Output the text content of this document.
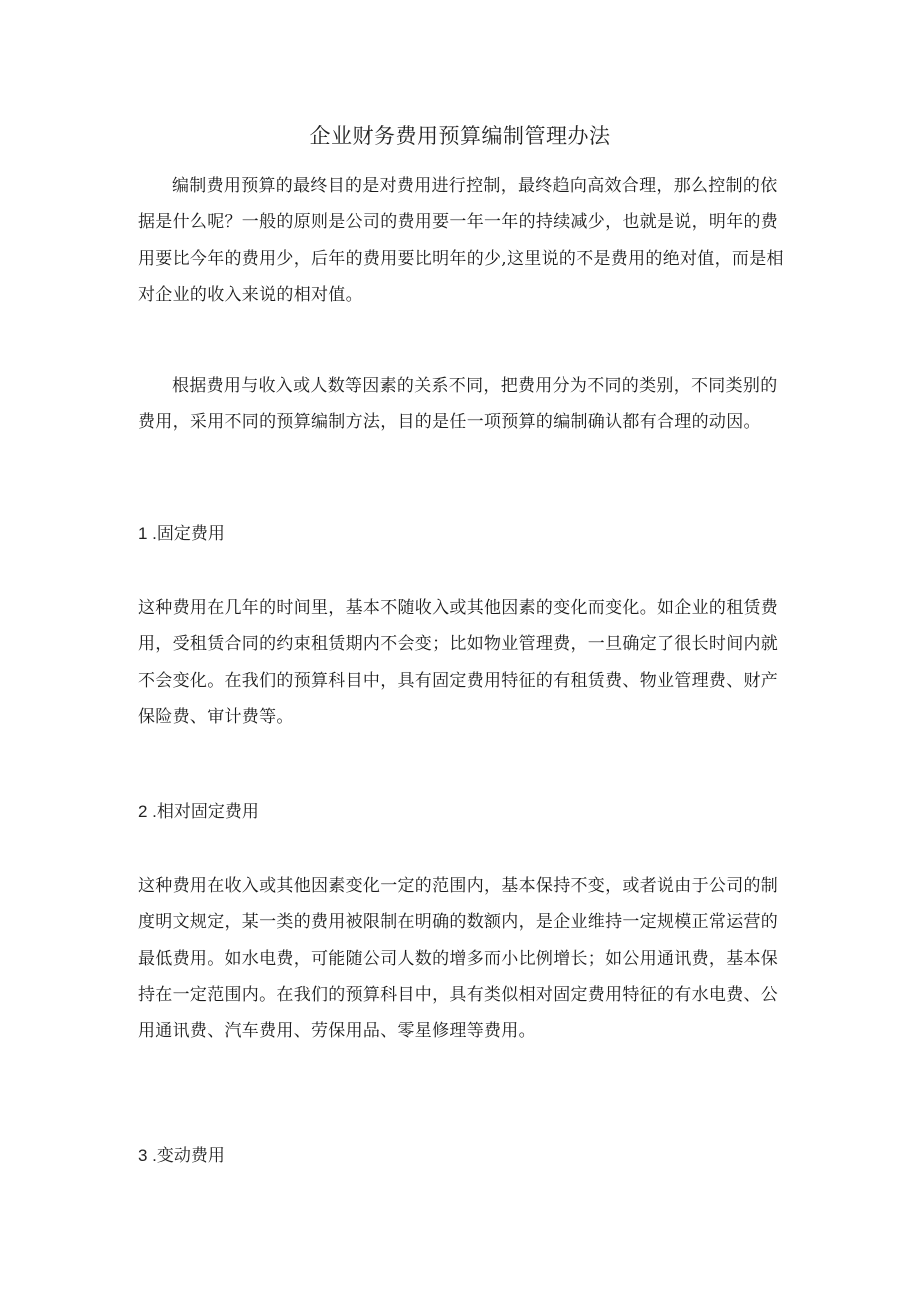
企业财务费用预算编制管理办法

编制费用预算的最终目的是对费用进行控制，最终趋向高效合理，那么控制的依据是什么呢？一般的原则是公司的费用要一年一年的持续减少，也就是说，明年的费用要比今年的费用少，后年的费用要比明年的少,这里说的不是费用的绝对值，而是相对企业的收入来说的相对值。

根据费用与收入或人数等因素的关系不同，把费用分为不同的类别，不同类别的费用，采用不同的预算编制方法，目的是任一项预算的编制确认都有合理的动因。

1 .固定费用

这种费用在几年的时间里，基本不随收入或其他因素的变化而变化。如企业的租赁费用，受租赁合同的约束租赁期内不会变；比如物业管理费，一旦确定了很长时间内就不会变化。在我们的预算科目中，具有固定费用特征的有租赁费、物业管理费、财产保险费、审计费等。

2 .相对固定费用

这种费用在收入或其他因素变化一定的范围内，基本保持不变，或者说由于公司的制度明文规定，某一类的费用被限制在明确的数额内，是企业维持一定规模正常运营的最低费用。如水电费，可能随公司人数的增多而小比例增长；如公用通讯费，基本保持在一定范围内。在我们的预算科目中，具有类似相对固定费用特征的有水电费、公用通讯费、汽车费用、劳保用品、零星修理等费用。

3 .变动费用
